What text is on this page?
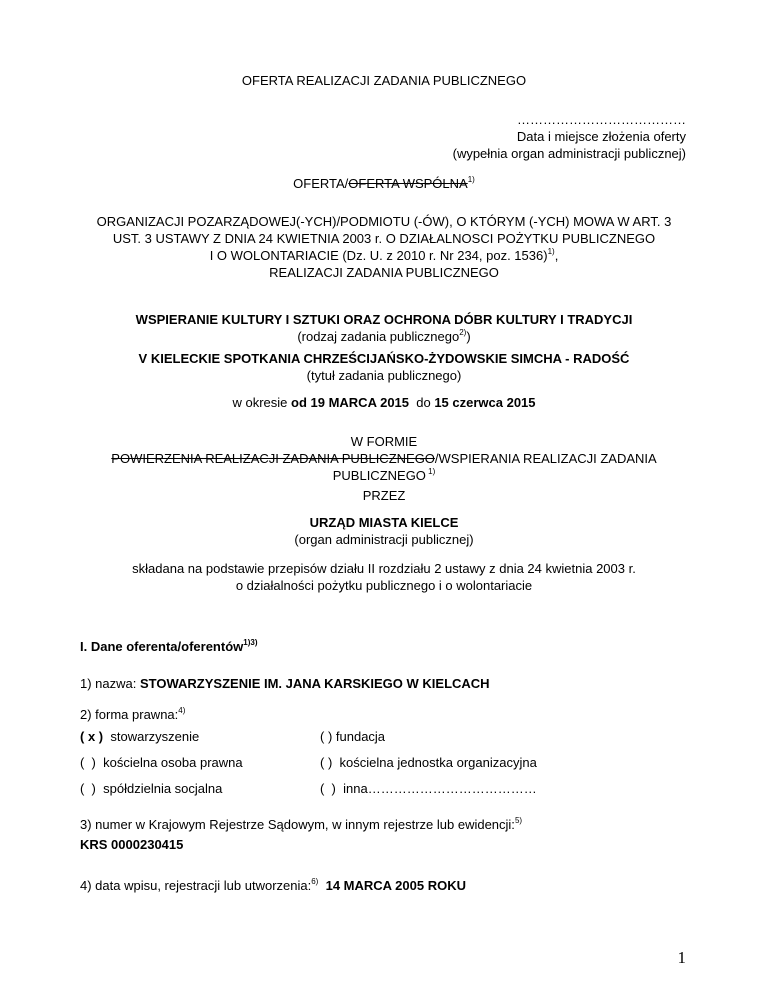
OFERTA REALIZACJI ZADANIA PUBLICZNEGO
…………………………………
Data i miejsce złożenia oferty
(wypełnia organ administracji publicznej)
OFERTA/OFERTA WSPÓLNA$^{1)}$
ORGANIZACJI POZARZĄDOWEJ(-YCH)/PODMIOTU (-ÓW), O KTÓRYM (-YCH) MOWA W ART. 3
UST. 3 USTAWY Z DNIA 24 KWIETNIA 2003 r. O DZIAŁALNOSCI POŻYTKU PUBLICZNEGO
I O WOLONTARIACIE (Dz. U. z 2010 r. Nr 234, poz. 1536)$^{1)}$,
REALIZACJI ZADANIA PUBLICZNEGO
WSPIERANIE KULTURY I SZTUKI ORAZ OCHRONA DÓBR KULTURY I TRADYCJI
(rodzaj zadania publicznego$^{2)}$)
V KIELECKIE SPOTKANIA CHRZEŚCIJAŃSKO-ŻYDOWSKIE SIMCHA - RADOŚĆ
(tytuł zadania publicznego)
w okresie od 19 MARCA 2015  do 15 czerwca 2015
W FORMIE
POWIERZENIA REALIZACJI ZADANIA PUBLICZNEGO/WSPIERANIA REALIZACJI ZADANIA
PUBLICZNEGO $^{1)}$
PRZEZ
URZĄD MIASTA KIELCE
(organ administracji publicznej)
składana na podstawie przepisów działu II rozdziału 2 ustawy z dnia 24 kwietnia 2003 r.
o działalności pożytku publicznego i o wolontariacie
I. Dane oferenta/oferentów$^{1)3)}$
1) nazwa: STOWARZYSZENIE IM. JANA KARSKIEGO W KIELCACH
2) forma prawna:$^{4)}$
( x ) stowarzyszenie	( ) fundacja
(  ) kościelna osoba prawna	( )  kościelna jednostka organizacyjna
(  ) spółdzielnia socjalna	(  ) inna…………………………………
3) numer w Krajowym Rejestrze Sądowym, w innym rejestrze lub ewidencji:$^{5)}$
KRS 0000230415
4) data wpisu, rejestracji lub utworzenia:$^{6)}$ 14 MARCA 2005 ROKU
1
